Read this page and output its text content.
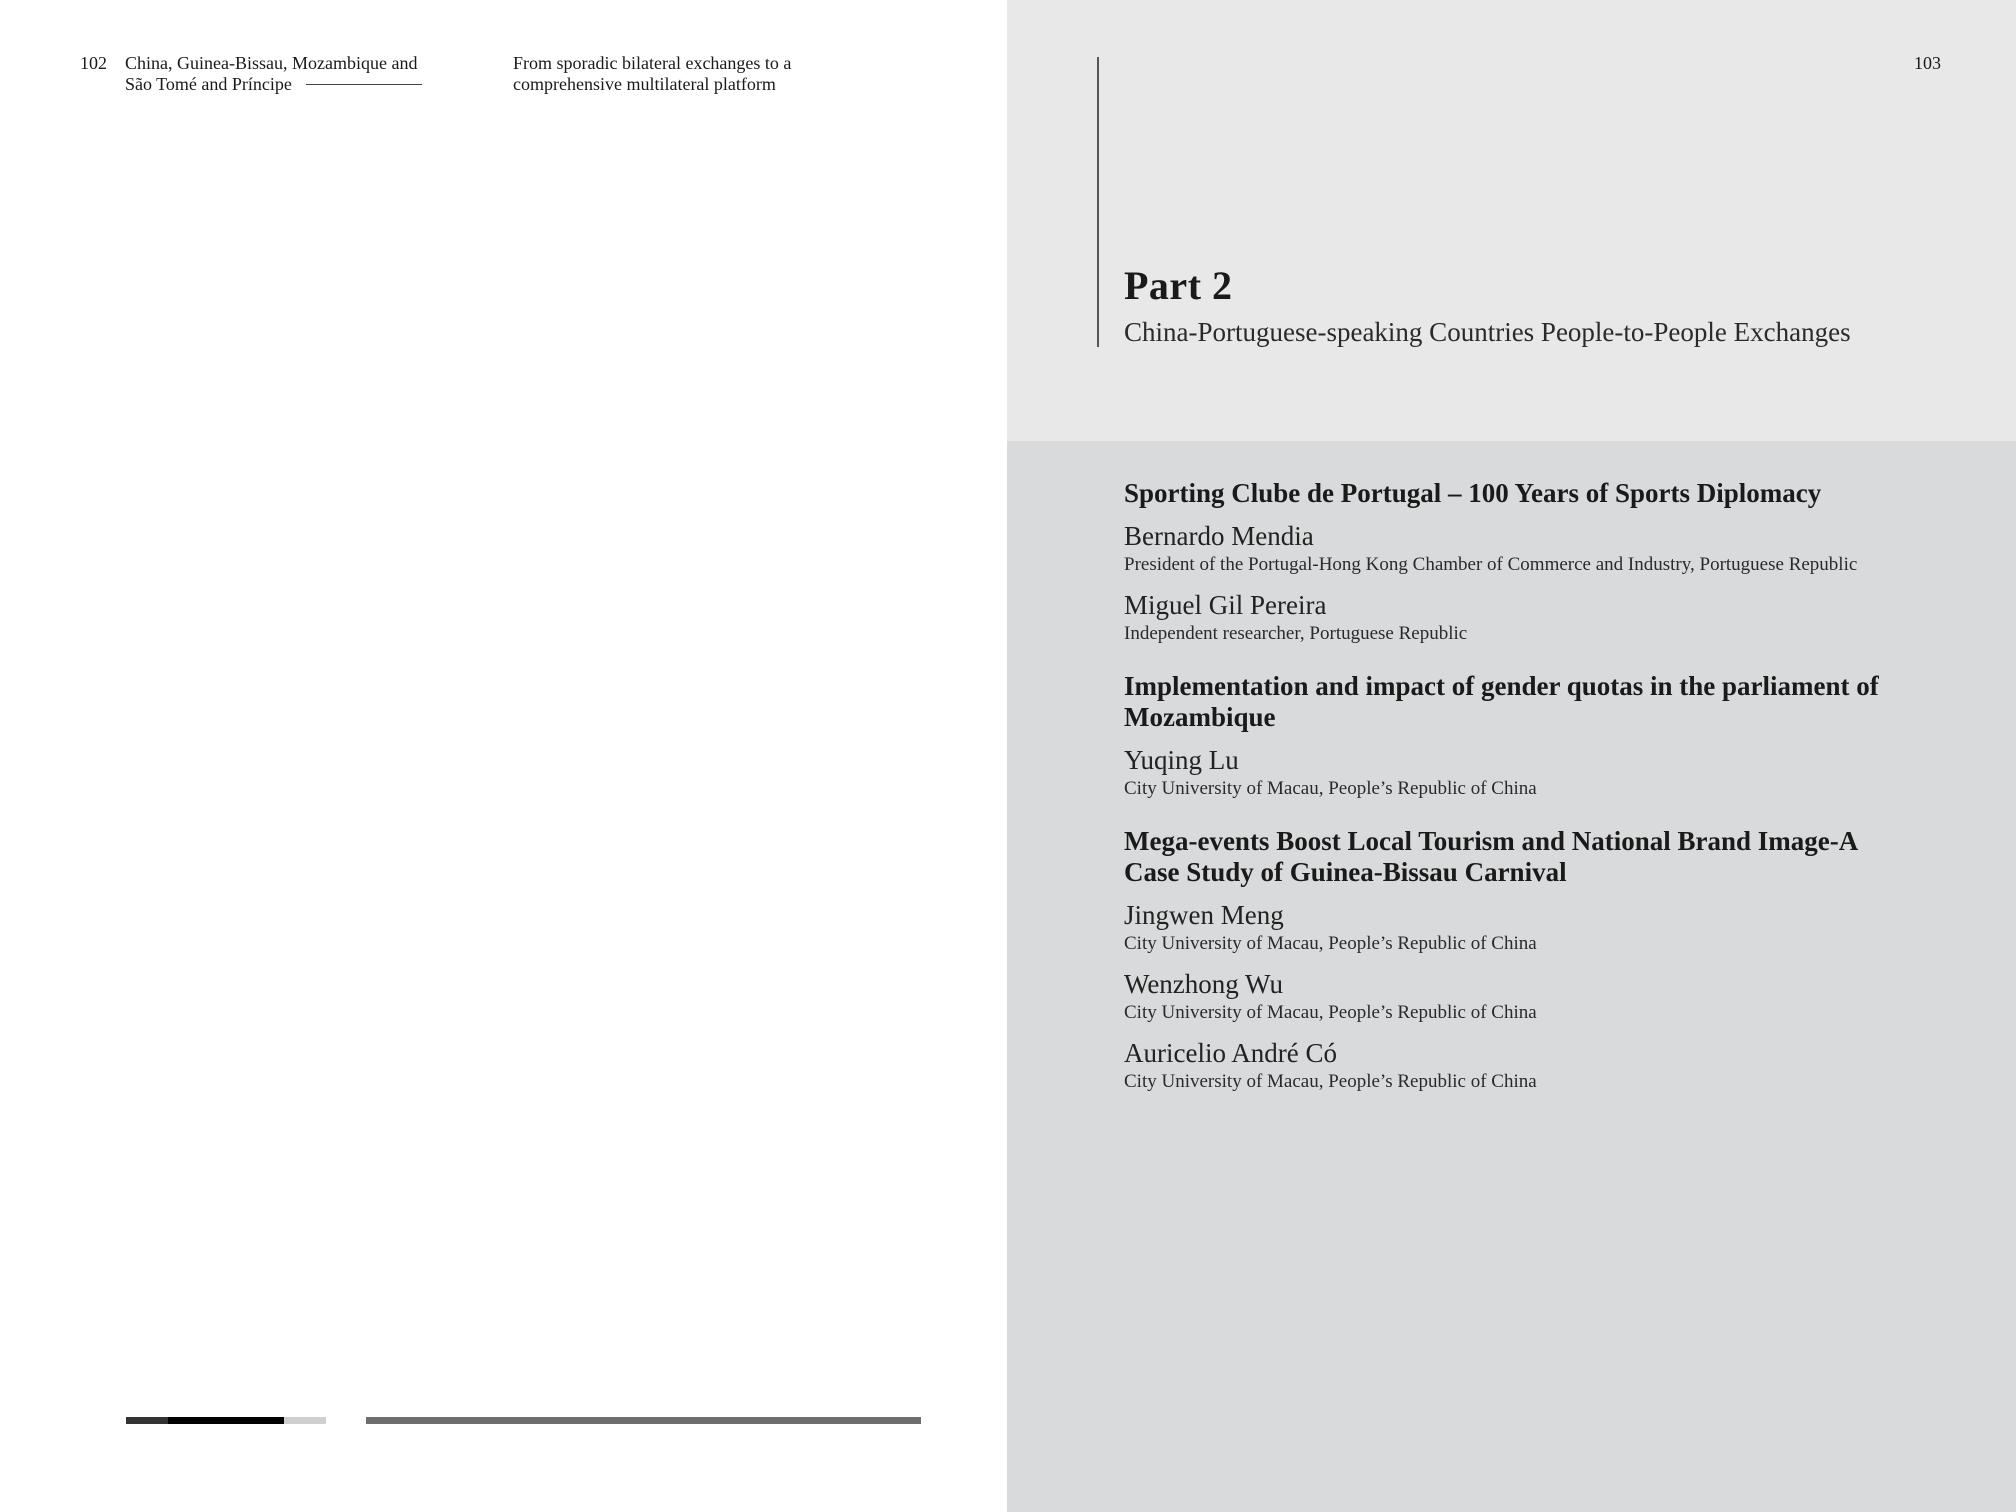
102 China, Guinea-Bissau, Mozambique and
São Tomé and Príncipe
From sporadic bilateral exchanges to a
comprehensive multilateral platform
103
Part 2
China-Portuguese-speaking Countries People-to-People Exchanges

Sporting Clube de Portugal – 100 Years of Sports Diplomacy

Bernardo Mendia

President of the Portugal-Hong Kong Chamber of Commerce and Industry, Portuguese Republic

Miguel Gil Pereira

Independent researcher, Portuguese Republic

Implementation and impact of gender quotas in the parliament of Mozambique

Yuqing Lu

City University of Macau, People’s Republic of China

Mega-events Boost Local Tourism and National Brand Image-A Case Study of Guinea-Bissau Carnival

Jingwen Meng

City University of Macau, People’s Republic of China

Wenzhong Wu

City University of Macau, People’s Republic of China

Auricelio André Có

City University of Macau, People’s Republic of China
